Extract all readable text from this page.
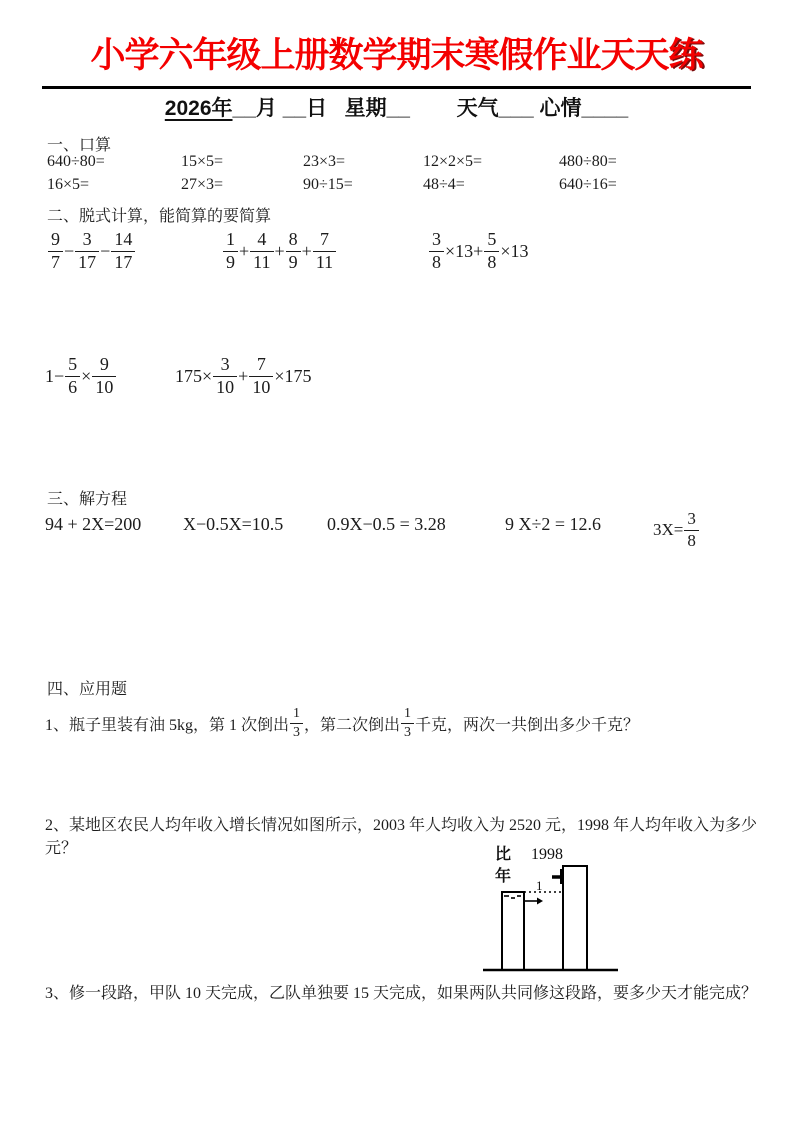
小学六年级上册数学期末寒假作业天天练
2026年__月 __日   星期__        天气___ 心情____
一、口算
640÷80=	15×5=	23×3=	12×2×5=	480÷80=
16×5=	27×3=	90÷15=	48÷4=	640÷16=
二、脱式计算，能简算的要简算
9
7
− $\frac{3}{17} - \frac{14}{17}$	1
9
+ $\frac{4}{11} + \frac{8}{9} + \frac{7}{11}$	$\frac{3}{8} \times 13+ \frac{5}{8} \times 13$
$1- \frac{5}{6} \times \frac{9}{10}$	$175\times \frac{3}{10} + \frac{7}{10} \times 175$
三、解方程
94 + 2X=200 X−0.5X=10.5 0.9X−0.5 = 3.28	9 X÷2 = 12.6	$3X= \frac{3}{8}$
四、应用题
1、瓶子里装有油 5kg，第 1 次倒出
1
3 ，第二次倒出
1
3 千克，两次一共倒出多少千克？
2、某地区农民人均年收入增长情况如图所示，2003 年人均收入为 2520 元，1998 年人均年收入为多少
元？	比 1998
年
1
3、修一段路，甲队 10 天完成，乙队单独要 15 天完成，如果两队共同修这段路，要多少天才能完成？
